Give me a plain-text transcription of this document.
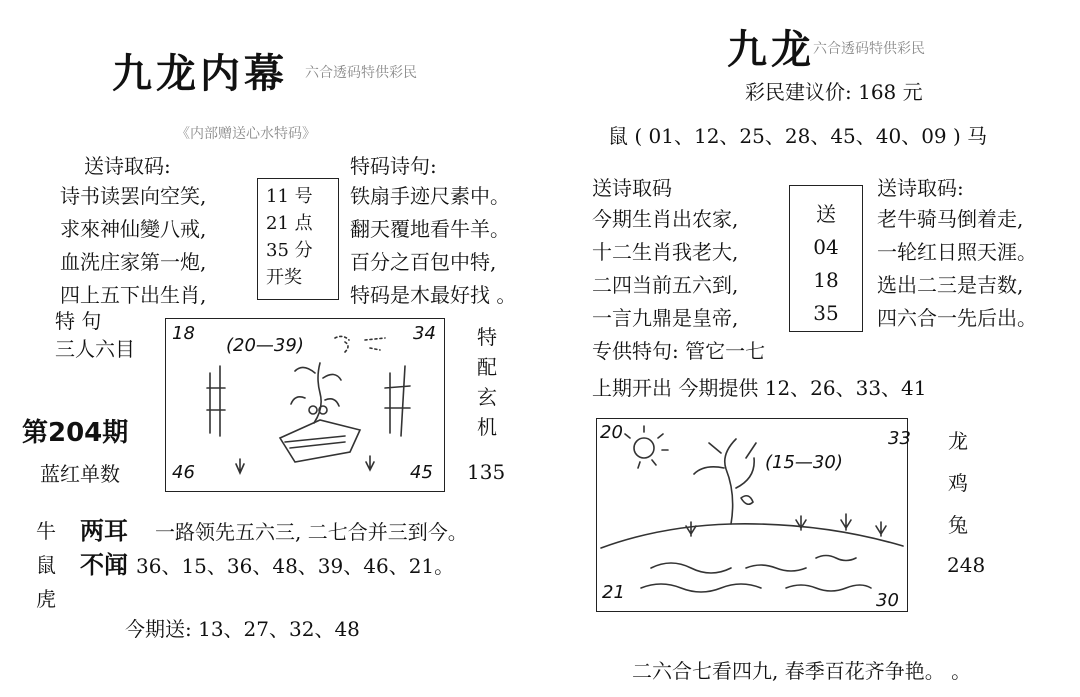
九龙内幕 六合透码特供彩民
《内部赠送心水特码》
送诗取码:
诗书读罢向空笑,
求來神仙變八戒,
血洗庄家第一炮,
四上五下出生肖,
11 号
21 点
35 分
开奖
特码诗句:
铁扇手迹尺素中。
翻天覆地看牛羊。
百分之百包中特,
特码是木最好找 。
特 句
三人六目
第204期
蓝红单数
18	34
46	45
(20—39)	特
配
玄
机
135
牛
鼠
虎
两耳
不闻
一路领先五六三, 二七合并三到今。
36、15、36、48、39、46、21。
今期送: 13、27、32、48
九龙
六合透码特供彩民
彩民建议价: 168 元
鼠 ( 01、12、25、28、45、40、09 ) 马
送诗取码
今期生肖出农家,
十二生肖我老大,
二四当前五六到,
一言九鼎是皇帝,
送
04
18
35
送诗取码:
老牛骑马倒着走,
一轮红日照天涯。
选出二三是吉数,
四六合一先后出。
专供特句: 管它一七
上期开出 今期提供 12、26、33、41
20	33
21	30
(15—30)
龙
鸡
兔
248
二六合七看四九, 春季百花齐争艳。 。
